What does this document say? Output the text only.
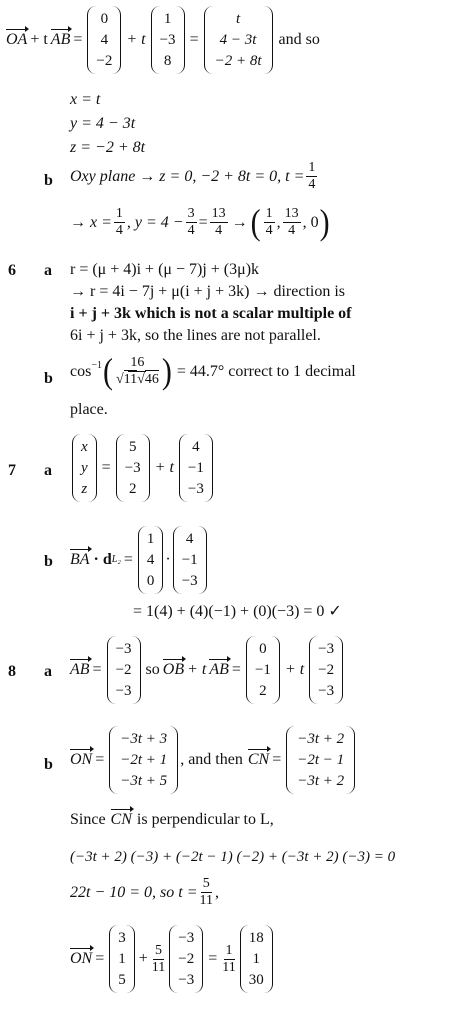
OA + t AB =
0
4
−2
+ t
1
−3
8
=
t
4 − 3t
−2 + 8t
and so
x = t
y = 4 − 3t
z = −2 + 8t
b Oxy plane → z = 0, −2 + 8t = 0, $t = \frac{1}{4}$
→ $x = \frac{1}{4}$ , $y = 4 - \frac{3}{4} = \frac{13}{4}$ → ( $\frac{1}{4}$ , $\frac{13}{4}$ , 0 )
6 a r = (μ + 4)i + (μ − 7)j + (3μ)k
→ r = 4i − 7j + μ(i + j + 3k) → direction is
i + j + 3k which is not a scalar multiple of
6i + j + 3k, so the lines are not parallel.
b $\cos^{-1}$ ( $\frac{16}{√11√46}$ ) = 44.7° correct to 1 decimal
place.
7 a
x
y
z
=
5
−3
2
+ t
4
−1
−3
b BA · d L₂ =
1
4
0
·
4
−1
−3
= 1(4) + (4)(−1) + (0)(−3) = 0 ✓
8 a AB =
−3
−2
−3
so OB + t AB =
0
−1
2
+ t
−3
−2
−3
b ON =
−3t + 3
−2t + 1
−3t + 5
, and then CN =
−3t + 2
−2t − 1
−3t + 2
Since CN is perpendicular to L,
(−3t + 2) (−3) + (−2t − 1) (−2) + (−3t + 2) (−3) = 0
22t − 10 = 0, so $t = \frac{5}{11}$ ,
ON =
3
1
5
+ $\frac{5}{11}$
−3
−2
−3
= $\frac{1}{11}$
18
1
30
